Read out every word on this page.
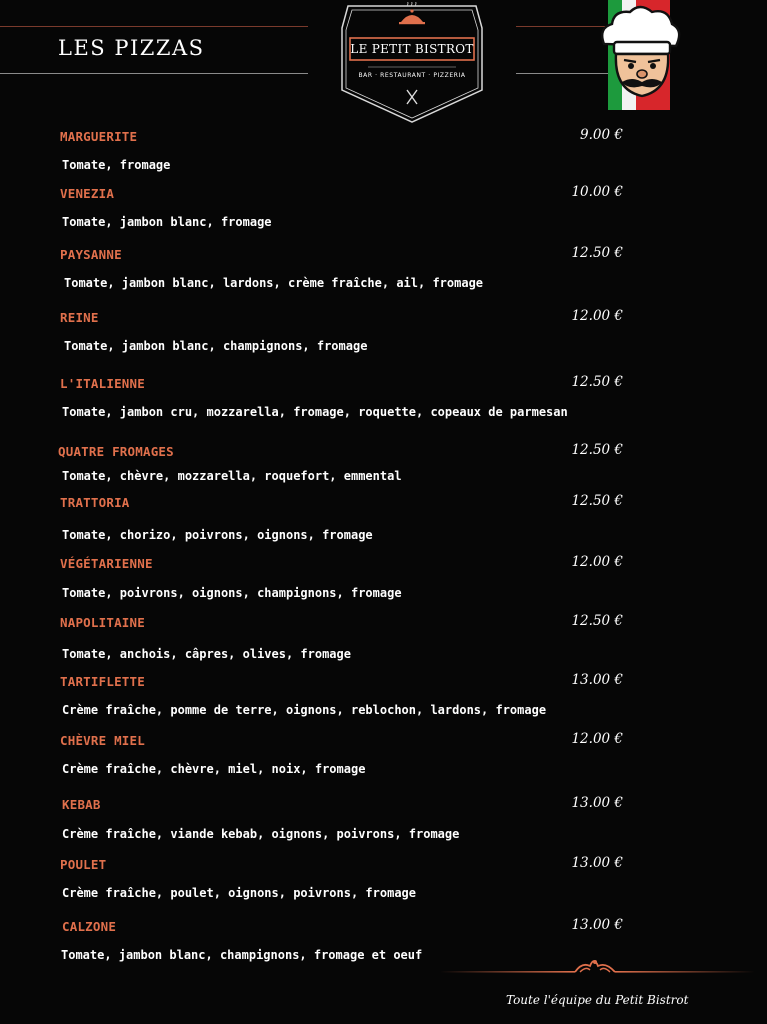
LES PIZZAS	LE PETIT BISTROT
BAR · RESTAURANT · PIZZERIA
MARGUERITE	9.00 €
Tomate, fromage
VENEZIA	10.00 €
Tomate, jambon blanc, fromage
PAYSANNE	12.50 €
Tomate, jambon blanc, lardons, crème fraîche, ail, fromage
REINE	12.00 €
Tomate, jambon blanc, champignons, fromage
L'ITALIENNE	12.50 €
Tomate, jambon cru, mozzarella, fromage, roquette, copeaux de parmesan
QUATRE FROMAGES	12.50 €
Tomate, chèvre, mozzarella, roquefort, emmental
TRATTORIA	12.50 €
Tomate, chorizo, poivrons, oignons, fromage
VÉGÉTARIENNE	12.00 €
Tomate, poivrons, oignons, champignons, fromage
NAPOLITAINE	12.50 €
Tomate, anchois, câpres, olives, fromage
TARTIFLETTE	13.00 €
Crème fraîche, pomme de terre, oignons, reblochon, lardons, fromage
CHÈVRE MIEL	12.00 €
Crème fraîche, chèvre, miel, noix, fromage
KEBAB	13.00 €
Crème fraîche, viande kebab, oignons, poivrons, fromage
POULET	13.00 €
Crème fraîche, poulet, oignons, poivrons, fromage
CALZONE	13.00 €
Tomate, jambon blanc, champignons, fromage et oeuf
Toute l'équipe du Petit Bistrot
